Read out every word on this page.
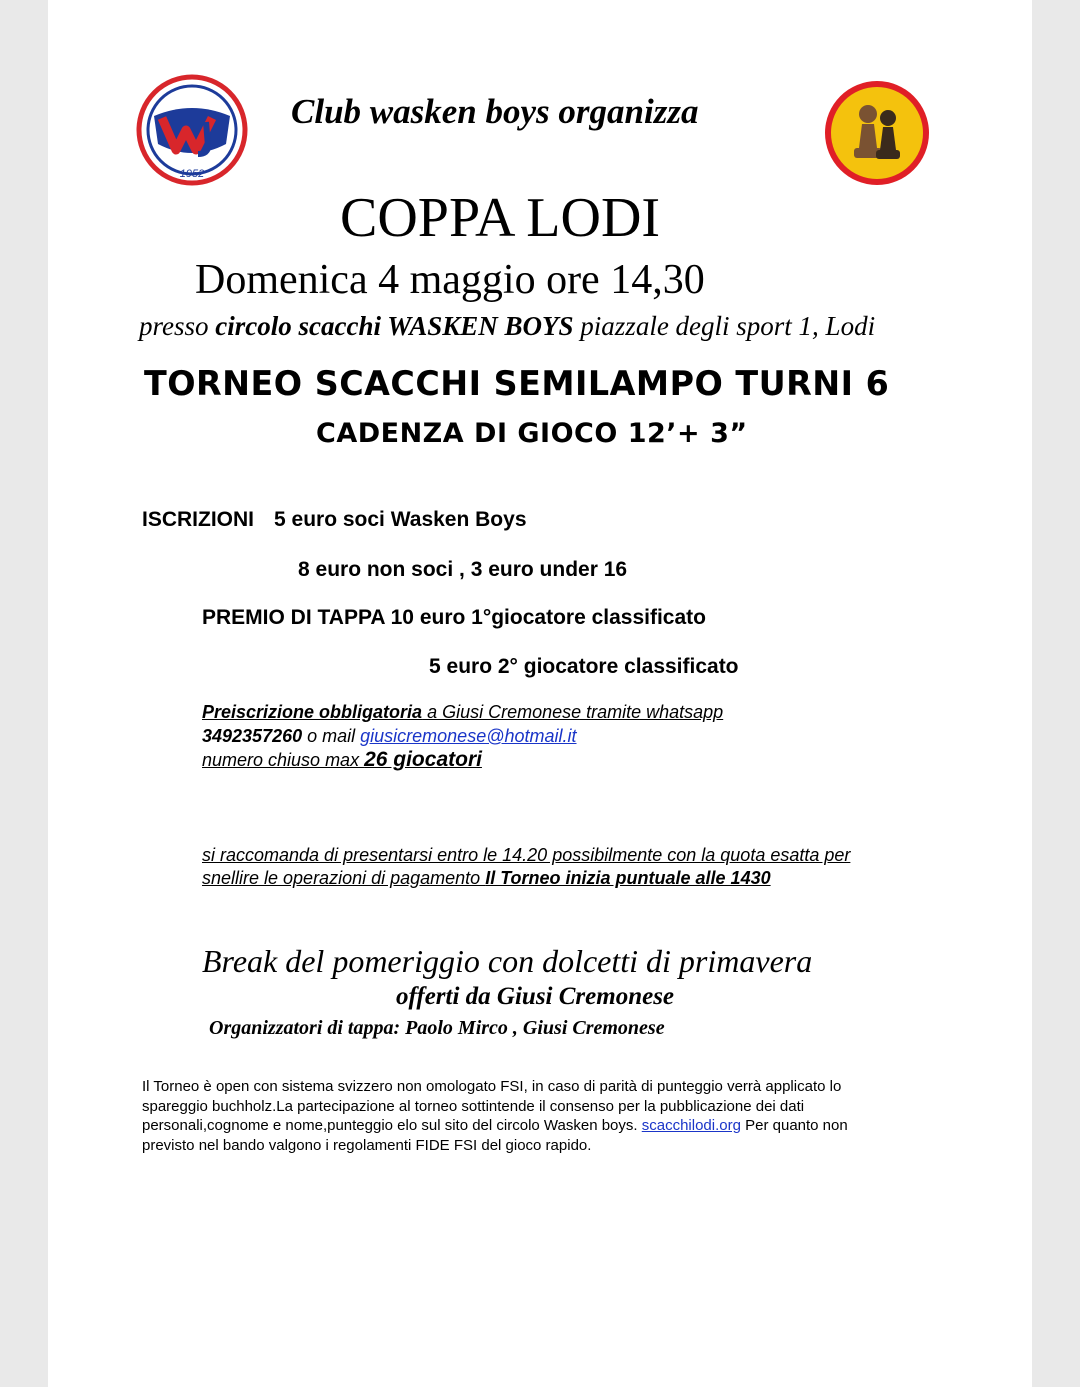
1952
Club wasken boys organizza
COPPA LODI
Domenica 4 maggio ore 14,30
presso circolo scacchi WASKEN BOYS piazzale degli sport 1, Lodi
TORNEO SCACCHI SEMILAMPO TURNI 6
CADENZA DI GIOCO 12’+ 3”
ISCRIZIONI 5 euro soci Wasken Boys
8 euro non soci , 3 euro under 16
PREMIO DI TAPPA 10 euro 1°giocatore classificato
5 euro 2° giocatore classificato
Preiscrizione obbligatoria a Giusi Cremonese tramite whatsapp
3492357260 o mail giusicremonese@hotmail.it
numero chiuso max 26 giocatori
si raccomanda di presentarsi entro le 14.20 possibilmente con la quota esatta per
snellire le operazioni di pagamento Il Torneo inizia puntuale alle 1430
Break del pomeriggio con dolcetti di primavera
offerti da Giusi Cremonese
Organizzatori di tappa: Paolo Mirco , Giusi Cremonese
Il Torneo è open con sistema svizzero non omologato FSI, in caso di parità di punteggio verrà applicato lo
spareggio buchholz.La partecipazione al torneo sottintende il consenso per la pubblicazione dei dati
personali,cognome e nome,punteggio elo sul sito del circolo Wasken boys. scacchilodi.org Per quanto non
previsto nel bando valgono i regolamenti FIDE FSI del gioco rapido.
